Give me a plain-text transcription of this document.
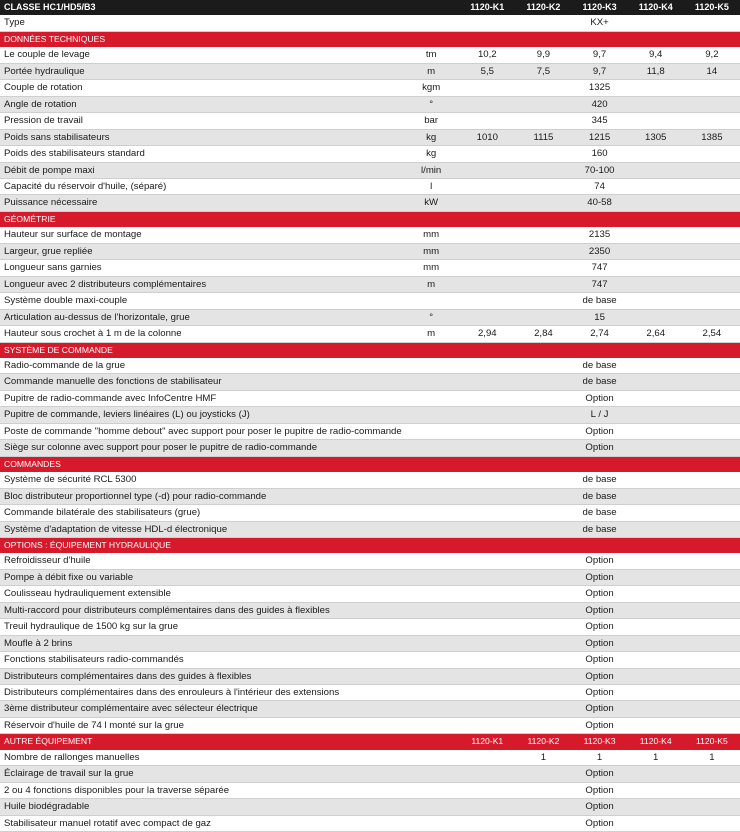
CLASSE HC1/HD5/B3		1120-K1	1120-K2	1120-K3	1120-K4	1120-K5
Type				KX+		
DONNÉES TECHNIQUES						
Le couple de levage	tm	10,2	9,9	9,7	9,4	9,2
Portée hydraulique	m	5,5	7,5	9,7	11,8	14
Couple de rotation	kgm			1325		
Angle de rotation	°			420		
Pression de travail	bar			345		
Poids sans stabilisateurs	kg	1010	1115	1215	1305	1385
Poids des stabilisateurs standard	kg			160		
Débit de pompe maxi	l/min			70-100		
Capacité du réservoir d'huile, (séparé)	l			74		
Puissance nécessaire	kW			40-58		
GÉOMÉTRIE						
Hauteur sur surface de montage	mm			2135		
Largeur, grue repliée	mm			2350		
Longueur sans garnies	mm			747		
Longueur avec 2 distributeurs complémentaires	m			747		
Système double maxi-couple				de base		
Articulation au-dessus de l'horizontale, grue	°			15		
Hauteur sous crochet à 1 m de la colonne	m	2,94	2,84	2,74	2,64	2,54
SYSTÈME DE COMMANDE						
Radio-commande de la grue				de base		
Commande manuelle des fonctions de stabilisateur				de base		
Pupitre de radio-commande avec InfoCentre HMF				Option		
Pupitre de commande, leviers linéaires (L) ou joysticks (J)				L / J		
Poste de commande "homme debout" avec support pour poser le pupitre de radio-commande				Option		
Siège sur colonne avec support pour poser le pupitre de radio-commande				Option		
COMMANDES						
Système de sécurité RCL 5300				de base		
Bloc distributeur proportionnel type (-d) pour radio-commande				de base		
Commande bilatérale des stabilisateurs (grue)				de base		
Système d'adaptation de vitesse HDL-d électronique				de base		
OPTIONS : ÉQUIPEMENT HYDRAULIQUE						
Refroidisseur d'huile				Option		
Pompe à débit fixe ou variable				Option		
Coulisseau hydrauliquement extensible				Option		
Multi-raccord pour distributeurs complémentaires dans des guides à flexibles				Option		
Treuil hydraulique de 1500 kg sur la grue				Option		
Moufle à 2 brins				Option		
Fonctions stabilisateurs radio-commandés				Option		
Distributeurs complémentaires dans des guides à flexibles				Option		
Distributeurs complémentaires dans des enrouleurs à l'intérieur des extensions				Option		
3ème distributeur complémentaire avec sélecteur électrique				Option		
Réservoir d'huile de 74 l monté sur la grue				Option		
AUTRE ÉQUIPEMENT		1120-K1	1120-K2	1120-K3	1120-K4	1120-K5
Nombre de rallonges manuelles			1	1	1	1
Éclairage de travail sur la grue				Option		
2 ou 4 fonctions disponibles pour la traverse séparée				Option		
Huile biodégradable				Option		
Stabilisateur manuel rotatif avec compact de gaz				Option		
